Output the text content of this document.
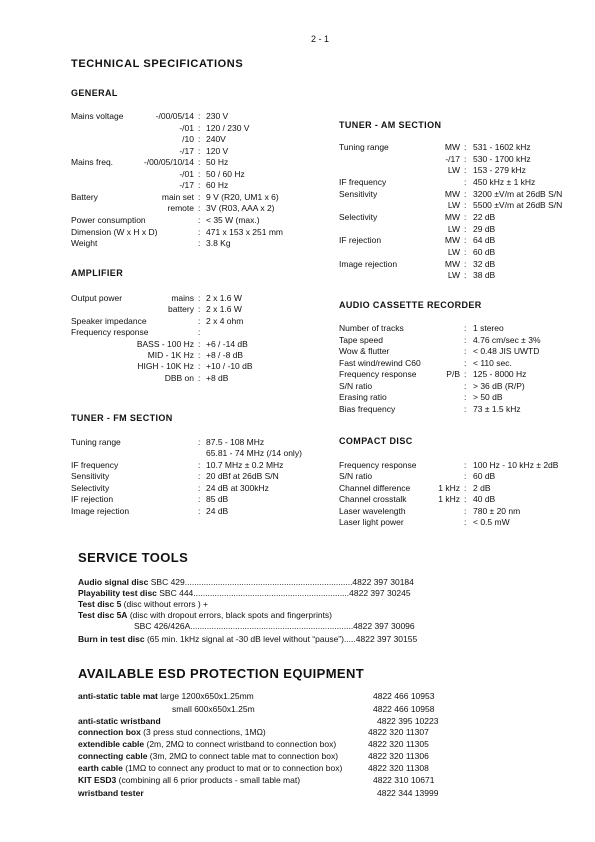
2 - 1
TECHNICAL SPECIFICATIONS
GENERAL
Mains voltage	-/00/05/14 : 230 V
-/01 : 120 / 230 V
/10 : 240V
-/17 : 120 V
Mains freq.	-/00/05/10/14 : 50 Hz
-/01 : 50 / 60 Hz
-/17 : 60 Hz
Battery	main set : 9 V (R20, UM1 x 6)
remote : 3V (R03, AAA x 2)
Power consumption	: < 35 W (max.)
Dimension (W x H x D)	: 471 x 153 x 251 mm
Weight	: 3.8 Kg
AMPLIFIER
Output power	mains : 2 x 1.6 W
battery : 2 x 1.6 W
Speaker impedance	: 2 x 4 ohm
Frequency response	:
BASS - 100 Hz : +6 / -14 dB
MID - 1K Hz : +8 / -8 dB
HIGH - 10K Hz : +10 / -10 dB
DBB on : +8 dB
TUNER - FM SECTION
Tuning range	: 87.5 - 108 MHz
65.81 - 74 MHz (/14 only)
IF frequency	: 10.7 MHz ± 0.2 MHz
Sensitivity	: 20 dBf at 26dB S/N
Selectivity	: 24 dB at 300kHz
IF rejection	: 85 dB
Image rejection	: 24 dB
TUNER - AM SECTION
Tuning range	MW : 531 - 1602 kHz
-/17 : 530 - 1700 kHz
LW : 153 - 279 kHz
IF frequency	: 450 kHz ± 1 kHz
Sensitivity	MW : 3200 ±V/m at 26dB S/N
LW : 5500 ±V/m at 26dB S/N
Selectivity	MW : 22 dB
LW : 29 dB
IF rejection	MW : 64 dB
LW : 60 dB
Image rejection	MW : 32 dB
LW : 38 dB
AUDIO CASSETTE RECORDER
Number of tracks	: 1 stereo
Tape speed	: 4.76 cm/sec ± 3%
Wow & flutter	: < 0.48 JIS UWTD
Fast wind/rewind C60	: < 110 sec.
Frequency response	P/B : 125 - 8000 Hz
S/N ratio	: > 36 dB (R/P)
Erasing ratio	: > 50 dB
Bias frequency	: 73 ± 1.5 kHz
COMPACT DISC
Frequency response	: 100 Hz - 10 kHz ± 2dB
S/N ratio	: 60 dB
Channel difference	1 kHz : 2 dB
Channel crosstalk	1 kHz : 40 dB
Laser wavelength	: 780 ± 20 nm
Laser light power	: < 0.5 mW
SERVICE TOOLS
Audio signal disc SBC 429.......................................................................4822 397 30184
Playability test disc SBC 444..................................................................4822 397 30245
Test disc 5 (disc without errors ) +
Test disc 5A (disc with dropout errors, black spots and fingerprints)
SBC 426/426A.....................................................................4822 397 30096
Burn in test disc (65 min. 1kHz signal at -30 dB level without “pause”).....4822 397 30155
AVAILABLE ESD PROTECTION EQUIPMENT
anti-static table mat large 1200x650x1.25mm	4822 466 10953
small 600x650x1.25m	4822 466 10958
anti-static wristband	4822 395 10223
connection box (3 press stud connections, 1MΩ)	4822 320 11307
extendible cable (2m, 2MΩ to connect wristband to connection box)	4822 320 11305
connecting cable (3m, 2MΩ to connect table mat to connection box)	4822 320 11306
earth cable (1MΩ to connect any product to mat or to connection box)	4822 320 11308
KIT ESD3 (combining all 6 prior products - small table mat)	4822 310 10671
wristband tester	4822 344 13999
